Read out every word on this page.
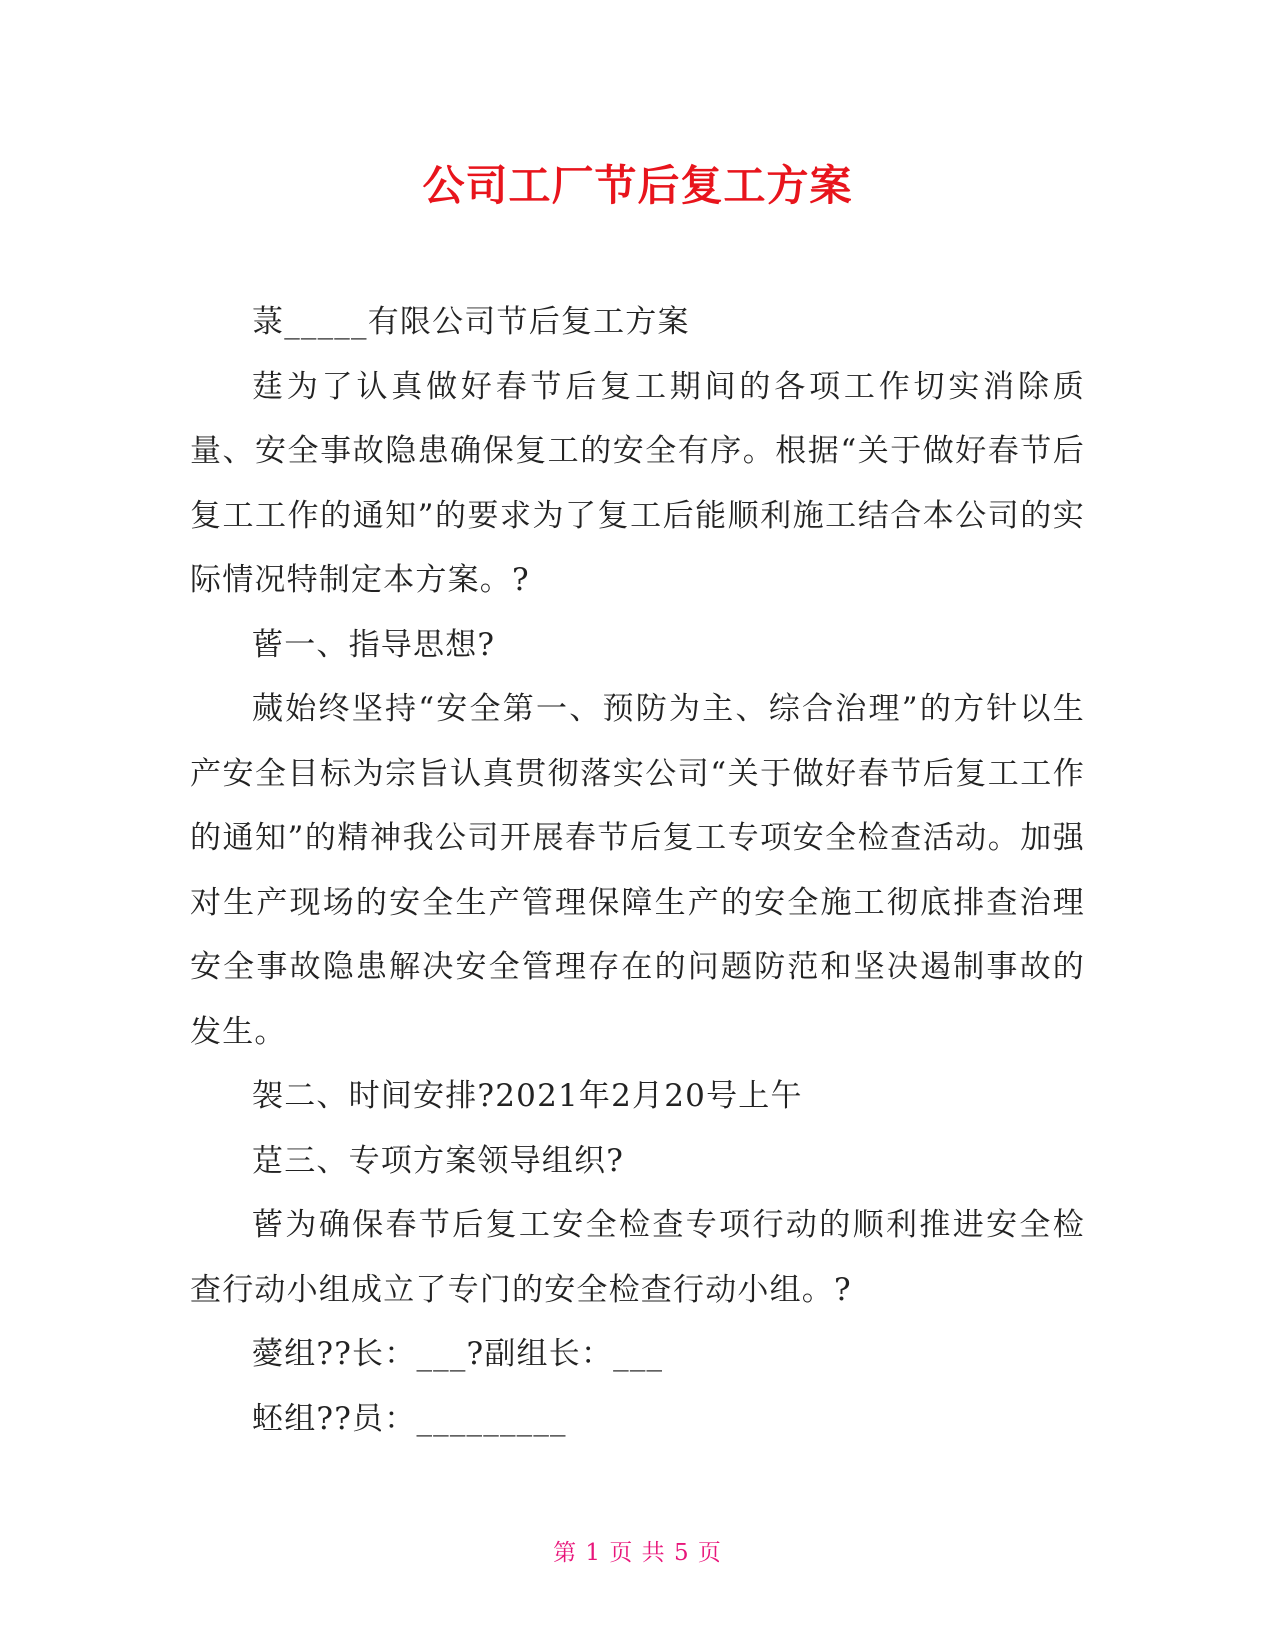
公司工厂节后复工方案

菉_____有限公司节后复工方案

莛为了认真做好春节后复工期间的各项工作切实消除质量、安全事故隐患确保复工的安全有序。根据“关于做好春节后复工工作的通知”的要求为了复工后能顺利施工结合本公司的实际情况特制定本方案。?

蒈一、指导思想?

蒇始终坚持“安全第一、预防为主、综合治理”的方针以生产安全目标为宗旨认真贯彻落实公司“关于做好春节后复工工作的通知”的精神我公司开展春节后复工专项安全检查活动。加强对生产现场的安全生产管理保障生产的安全施工彻底排查治理安全事故隐患解决安全管理存在的问题防范和坚决遏制事故的发生。

袈二、时间安排?2021年2月20号上午

莡三、专项方案领导组织?

蒈为确保春节后复工安全检查专项行动的顺利推进安全检查行动小组成立了专门的安全检查行动小组。?

薆组??长：___?副组长：___

蚽组??员：_________

第 1 页 共 5 页
